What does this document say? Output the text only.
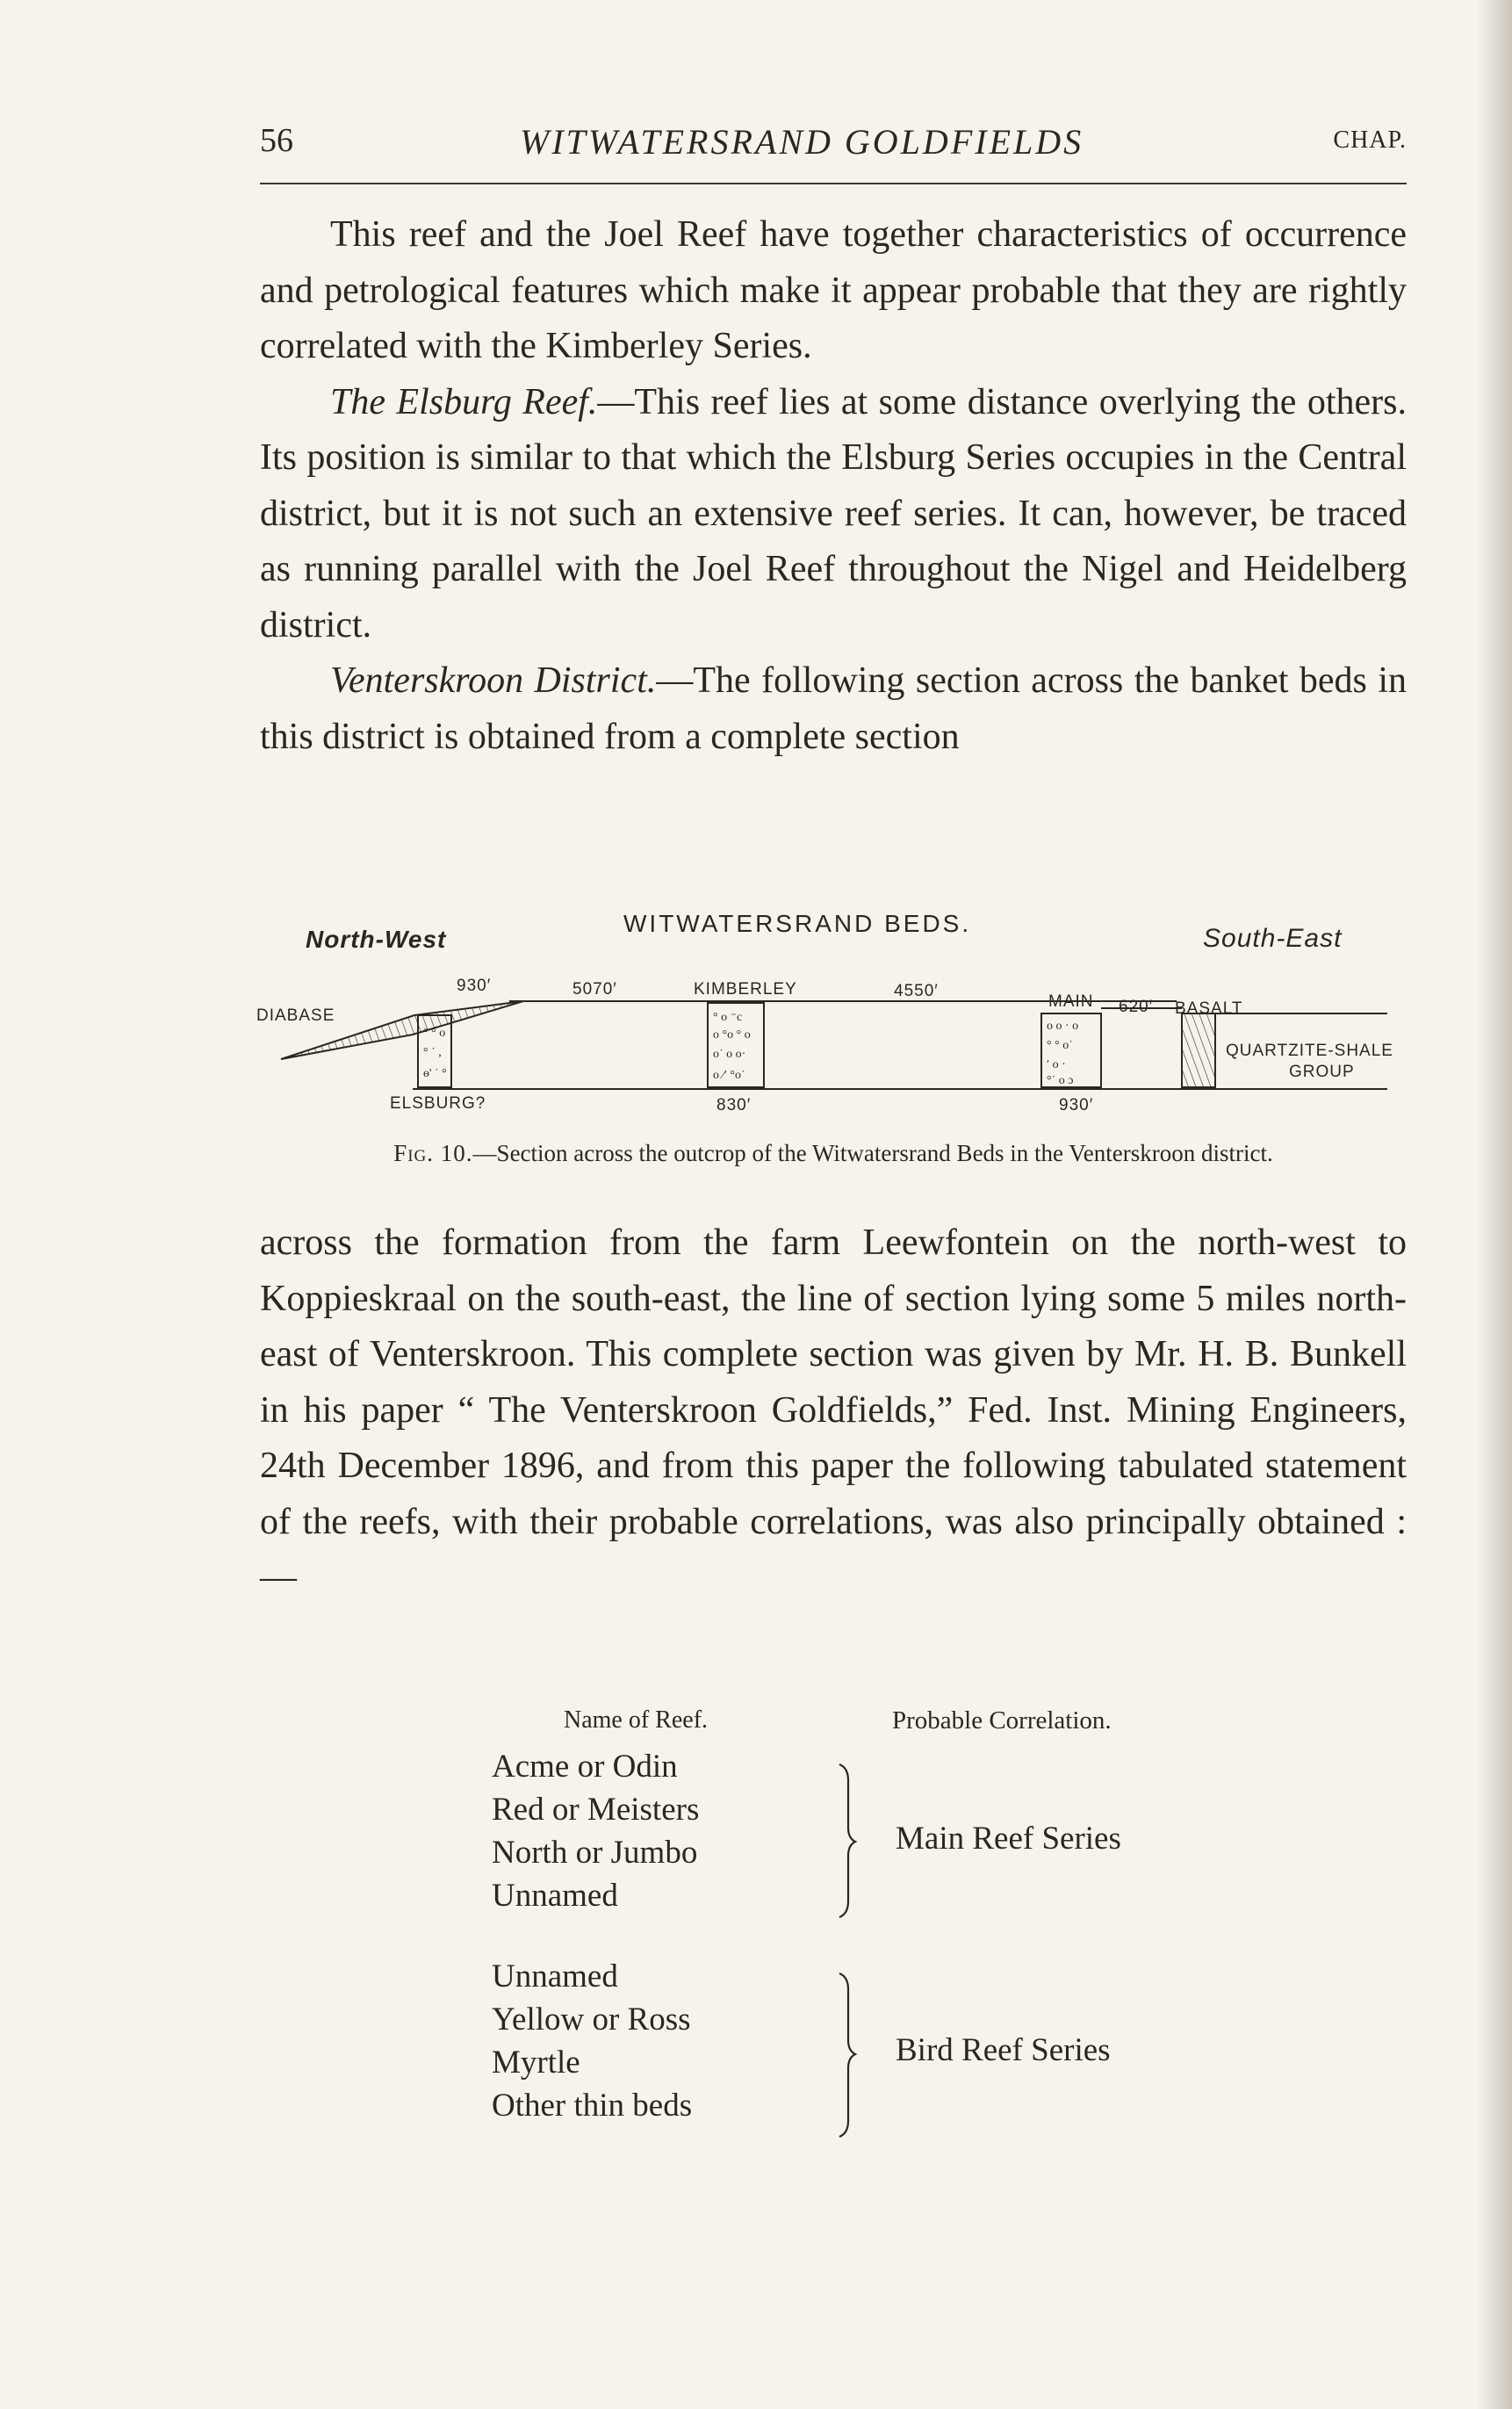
56	WITWATERSRAND GOLDFIELDS	CHAP.

This reef and the Joel Reef have together characteristics of occurrence and petrological features which make it appear probable that they are rightly correlated with the Kimberley Series.

The Elsburg Reef.—This reef lies at some distance overlying the others. Its position is similar to that which the Elsburg Series occupies in the Central district, but it is not such an extensive reef series. It can, however, be traced as running parallel with the Joel Reef throughout the Nigel and Heidelberg district.

Venterskroon District.—The following section across the banket beds in this district is obtained from a complete section

° ° o
° ˙ ,
ɵ' ˙ °
° o ⁻c
o °o ° o
o˙ o o·
o ⁄′ °o˙
o o · o
° ° o˙
′ o ·
°˙ o ɔ
North-West
WITWATERSRAND BEDS.
South-East
930′	5070′	KIMBERLEY	4550′
MAIN 620′ BASALT
DIABASE
QUARTZITE-SHALE
GROUP
ELSBURG?	830′	930′
Fig. 10.—Section across the outcrop of the Witwatersrand Beds in the Venterskroon district.

across the formation from the farm Leewfontein on the north-west to Koppieskraal on the south-east, the line of section lying some 5 miles north-east of Venterskroon. This complete section was given by Mr. H. B. Bunkell in his paper “ The Venterskroon Goldfields,” Fed. Inst. Mining Engineers, 24th December 1896, and from this paper the following tabulated statement of the reefs, with their probable correlations, was also principally obtained :—

Name of Reef.	Probable Correlation.
Acme or Odin
Red or Meisters
North or Jumbo
Unnamed
Main Reef Series
Unnamed
Yellow or Ross
Myrtle
Other thin beds
Bird Reef Series
